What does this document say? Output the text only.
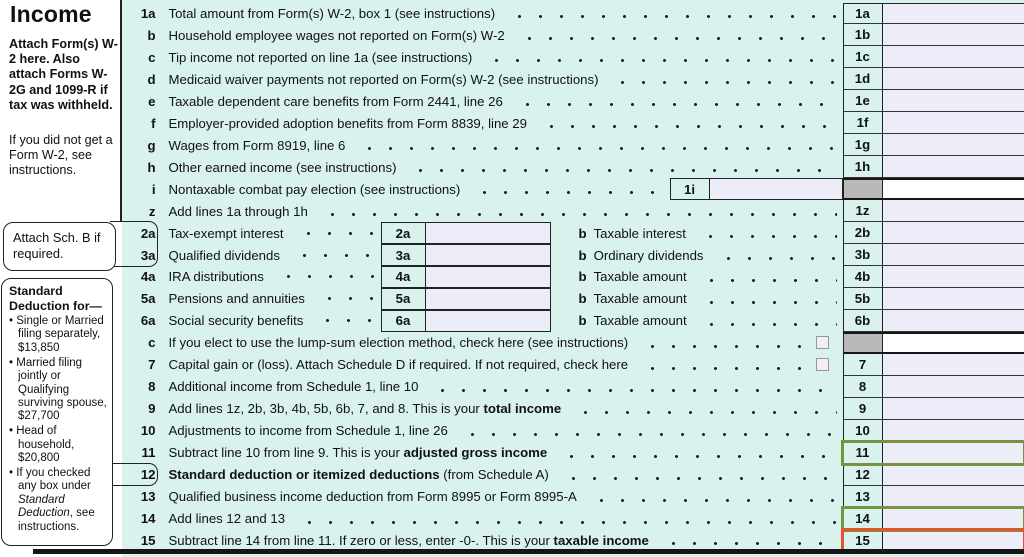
1a Total amount from Form(s) W-2, box 1 (see instructions)	1a
b Household employee wages not reported on Form(s) W-2	1b
c Tip income not reported on line 1a (see instructions)	1c
d Medicaid waiver payments not reported on Form(s) W-2 (see instructions)	1d
e Taxable dependent care benefits from Form 2441, line 26	1e
f Employer-provided adoption benefits from Form 8839, line 29	1f
g Wages from Form 8919, line 6	1g
h Other earned income (see instructions)	1h
i Nontaxable combat pay election (see instructions)	1i
z Add lines 1a through 1h	1z
2a Tax-exempt interest	2a	b Taxable interest	2b
3a Qualified dividends	3a	b Ordinary dividends	3b
4a IRA distributions	4a	b Taxable amount	4b
5a Pensions and annuities	5a	b Taxable amount	5b
6a Social security benefits	6a	b Taxable amount	6b
c If you elect to use the lump-sum election method, check here (see instructions)
7 Capital gain or (loss). Attach Schedule D if required. If not required, check here	7
8 Additional income from Schedule 1, line 10	8
9 Add lines 1z, 2b, 3b, 4b, 5b, 6b, 7, and 8. This is your total income	9
10 Adjustments to income from Schedule 1, line 26	10
11 Subtract line 10 from line 9. This is your adjusted gross income	11
12 Standard deduction or itemized deductions (from Schedule A)	12
13 Qualified business income deduction from Form 8995 or Form 8995-A	13
14 Add lines 12 and 13	14
15 Subtract line 14 from line 11. If zero or less, enter -0-. This is your taxable income	15
Income
Attach Form(s) W-2 here. Also attach Forms W-2G and 1099-R if tax was withheld.
If you did not get a Form W-2, see instructions.
Attach Sch. B if required.
Standard Deduction for—
• Single or Married filing separately, $13,850
• Married filing jointly or Qualifying surviving spouse, $27,700
• Head of household, $20,800
• If you checked any box under Standard Deduction, see instructions.
